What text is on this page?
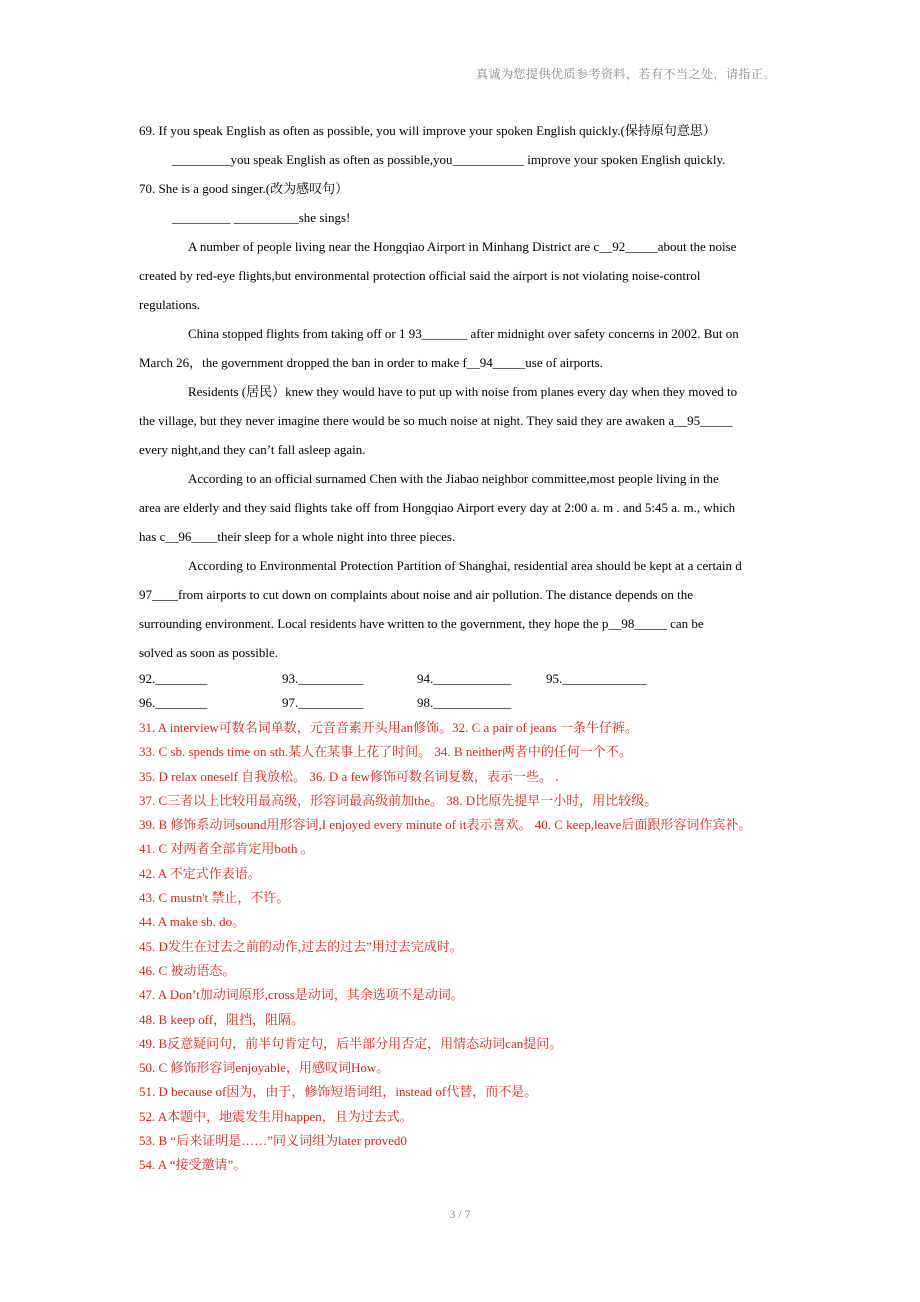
真诚为您提供优质参考资料，若有不当之处，请指正。
69. If you speak English as often as possible, you will improve your spoken English quickly.(保持原句意思）
_________you speak English as often as possible,you___________ improve your spoken English quickly.
70. She is a good singer.(改为感叹句）
_________ __________she sings!
A number of people living near the Hongqiao Airport in Minhang District are c__92_____about the noise
created by red-eye flights,but environmental protection official said the airport is not violating noise-control
regulations.
China stopped flights from taking off or 1 93_______ after midnight over safety concerns in 2002. But on
March 26，the government dropped the ban in order to make f__94_____use of airports.
Residents (居民）knew they would have to put up with noise from planes every day when they moved to
the village, but they never imagine there would be so much noise at night. They said they are awaken a__95_____
every night,and they can’t fall asleep again.
According to an official surnamed Chen with the Jiabao neighbor committee,most people living in the
area are elderly and they said flights take off from Hongqiao Airport every day at 2:00 a. m . and 5:45 a. m., which
has c__96____their sleep for a whole night into three pieces.
According to Environmental Protection Partition of Shanghai, residential area should be kept at a certain d
97____from airports to cut down on complaints about noise and air pollution. The distance depends on the
surrounding environment. Local residents have written to the government, they hope the p__98_____ can be
solved as soon as possible.
92.________	93.__________	94.____________	95._____________
96.________	97.__________	98.____________
31. A interview可数名词单数，元音音素开头用an修饰。32. C a pair of jeans 一条牛仔裤。
33. C sb. spends time on sth.某人在某事上花了时间。 34. B neither两者中的任何一个不。
35. D relax oneself 自我放松。 36. D a few修饰可数名词复数，表示一些。 .
37. C三者以上比较用最高级，形容词最高级前加the。 38. D比原先提早一小时，用比较级。
39. B 修饰系动词sound用形容词,I enjoyed every minute of it表示喜欢。 40. C keep,leave后面跟形容词作宾补。
41. C 对两者全部肯定用both 。
42. A 不定式作表语。
43. C mustn't 禁止，不许。
44. A make sb. do。
45. D发生在过去之前的动作,过去的过去”用过去完成时。
46. C 被动语态。
47. A Don’t加动词原形,cross是动词，其余选项不是动词。
48. B keep off，阻挡，阻隔。
49. B反意疑问句，前半句肯定句，后半部分用否定，用情态动词can提问。
50. C 修饰形容词enjoyable，用感叹词How。
51. D because of因为，由于，修饰短语词组，instead of代替，而不是。
52. A本题中，地震发生用happen，且为过去式。
53. B “后来证明是……”同义词组为later proved0
54. A “接受邀请”。
3 / 7
